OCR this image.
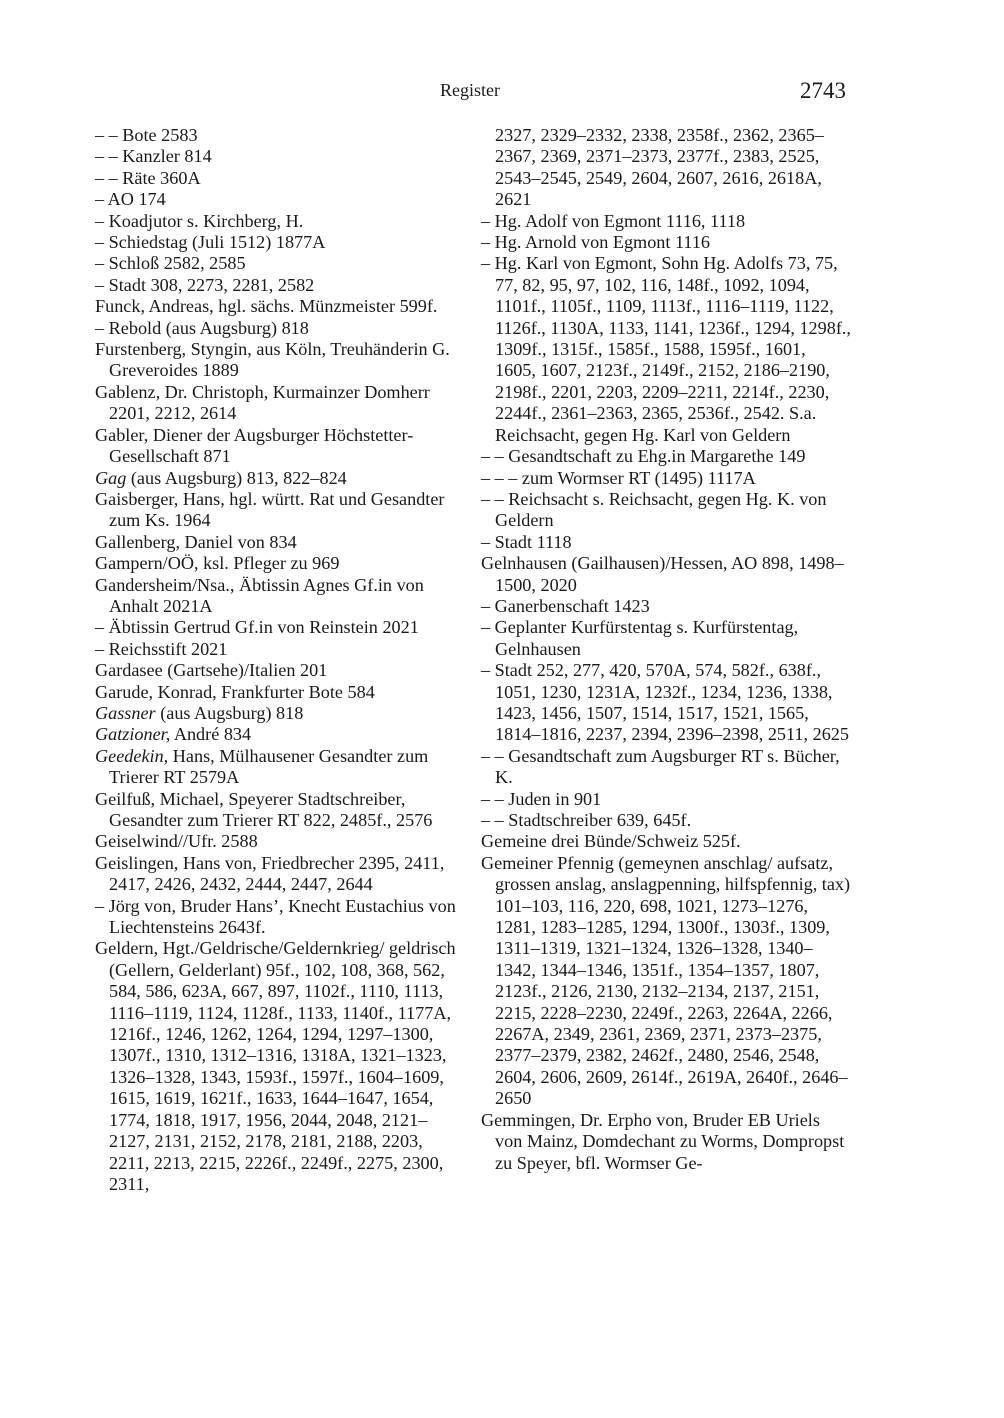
Register	2743
– – Bote 2583
– – Kanzler 814
– – Räte 360A
– AO 174
– Koadjutor s. Kirchberg, H.
– Schiedstag (Juli 1512) 1877A
– Schloß 2582, 2585
– Stadt 308, 2273, 2281, 2582
Funck, Andreas, hgl. sächs. Münzmeister 599f.
– Rebold (aus Augsburg) 818
Furstenberg, Styngin, aus Köln, Treuhänderin G. Greveroides 1889
Gablenz, Dr. Christoph, Kurmainzer Domherr 2201, 2212, 2614
Gabler, Diener der Augsburger Höchstetter-Gesellschaft 871
Gag (aus Augsburg) 813, 822–824
Gaisberger, Hans, hgl. württ. Rat und Gesandter zum Ks. 1964
Gallenberg, Daniel von 834
Gampern/OÖ, ksl. Pfleger zu 969
Gandersheim/Nsa., Äbtissin Agnes Gf.in von Anhalt 2021A
– Äbtissin Gertrud Gf.in von Reinstein 2021
– Reichsstift 2021
Gardasee (Gartsehe)/Italien 201
Garude, Konrad, Frankfurter Bote 584
Gassner (aus Augsburg) 818
Gatzioner, André 834
Geedekin, Hans, Mülhausener Gesandter zum Trierer RT 2579A
Geilfuß, Michael, Speyerer Stadtschreiber, Gesandter zum Trierer RT 822, 2485f., 2576
Geiselwind//Ufr. 2588
Geislingen, Hans von, Friedbrecher 2395, 2411, 2417, 2426, 2432, 2444, 2447, 2644
– Jörg von, Bruder Hans’, Knecht Eustachius von Liechtensteins 2643f.
Geldern, Hgt./Geldrische/Geldernkrieg/ geldrisch (Gellern, Gelderlant) 95f., 102, 108, 368, 562, 584, 586, 623A, 667, 897, 1102f., 1110, 1113, 1116–1119, 1124, 1128f., 1133, 1140f., 1177A, 1216f., 1246, 1262, 1264, 1294, 1297–1300, 1307f., 1310, 1312–1316, 1318A, 1321–1323, 1326–1328, 1343, 1593f., 1597f., 1604–1609, 1615, 1619, 1621f., 1633, 1644–1647, 1654, 1774, 1818, 1917, 1956, 2044, 2048, 2121–2127, 2131, 2152, 2178, 2181, 2188, 2203, 2211, 2213, 2215, 2226f., 2249f., 2275, 2300, 2311,
2327, 2329–2332, 2338, 2358f., 2362, 2365–2367, 2369, 2371–2373, 2377f., 2383, 2525, 2543–2545, 2549, 2604, 2607, 2616, 2618A, 2621
– Hg. Adolf von Egmont 1116, 1118
– Hg. Arnold von Egmont 1116
– Hg. Karl von Egmont, Sohn Hg. Adolfs 73, 75, 77, 82, 95, 97, 102, 116, 148f., 1092, 1094, 1101f., 1105f., 1109, 1113f., 1116–1119, 1122, 1126f., 1130A, 1133, 1141, 1236f., 1294, 1298f., 1309f., 1315f., 1585f., 1588, 1595f., 1601, 1605, 1607, 2123f., 2149f., 2152, 2186–2190, 2198f., 2201, 2203, 2209–2211, 2214f., 2230, 2244f., 2361–2363, 2365, 2536f., 2542. S.a. Reichsacht, gegen Hg. Karl von Geldern
– – Gesandtschaft zu Ehg.in Margarethe 149
– – – zum Wormser RT (1495) 1117A
– – Reichsacht s. Reichsacht, gegen Hg. K. von Geldern
– Stadt 1118
Gelnhausen (Gailhausen)/Hessen, AO 898, 1498–1500, 2020
– Ganerbenschaft 1423
– Geplanter Kurfürstentag s. Kurfürstentag, Gelnhausen
– Stadt 252, 277, 420, 570A, 574, 582f., 638f., 1051, 1230, 1231A, 1232f., 1234, 1236, 1338, 1423, 1456, 1507, 1514, 1517, 1521, 1565, 1814–1816, 2237, 2394, 2396–2398, 2511, 2625
– – Gesandtschaft zum Augsburger RT s. Bücher, K.
– – Juden in 901
– – Stadtschreiber 639, 645f.
Gemeine drei Bünde/Schweiz 525f.
Gemeiner Pfennig (gemeynen anschlag/ aufsatz, grossen anslag, anslagpenning, hilfspfennig, tax) 101–103, 116, 220, 698, 1021, 1273–1276, 1281, 1283–1285, 1294, 1300f., 1303f., 1309, 1311–1319, 1321–1324, 1326–1328, 1340–1342, 1344–1346, 1351f., 1354–1357, 1807, 2123f., 2126, 2130, 2132–2134, 2137, 2151, 2215, 2228–2230, 2249f., 2263, 2264A, 2266, 2267A, 2349, 2361, 2369, 2371, 2373–2375, 2377–2379, 2382, 2462f., 2480, 2546, 2548, 2604, 2606, 2609, 2614f., 2619A, 2640f., 2646–2650
Gemmingen, Dr. Erpho von, Bruder EB Uriels von Mainz, Domdechant zu Worms, Dompropst zu Speyer, bfl. Wormser Ge-
